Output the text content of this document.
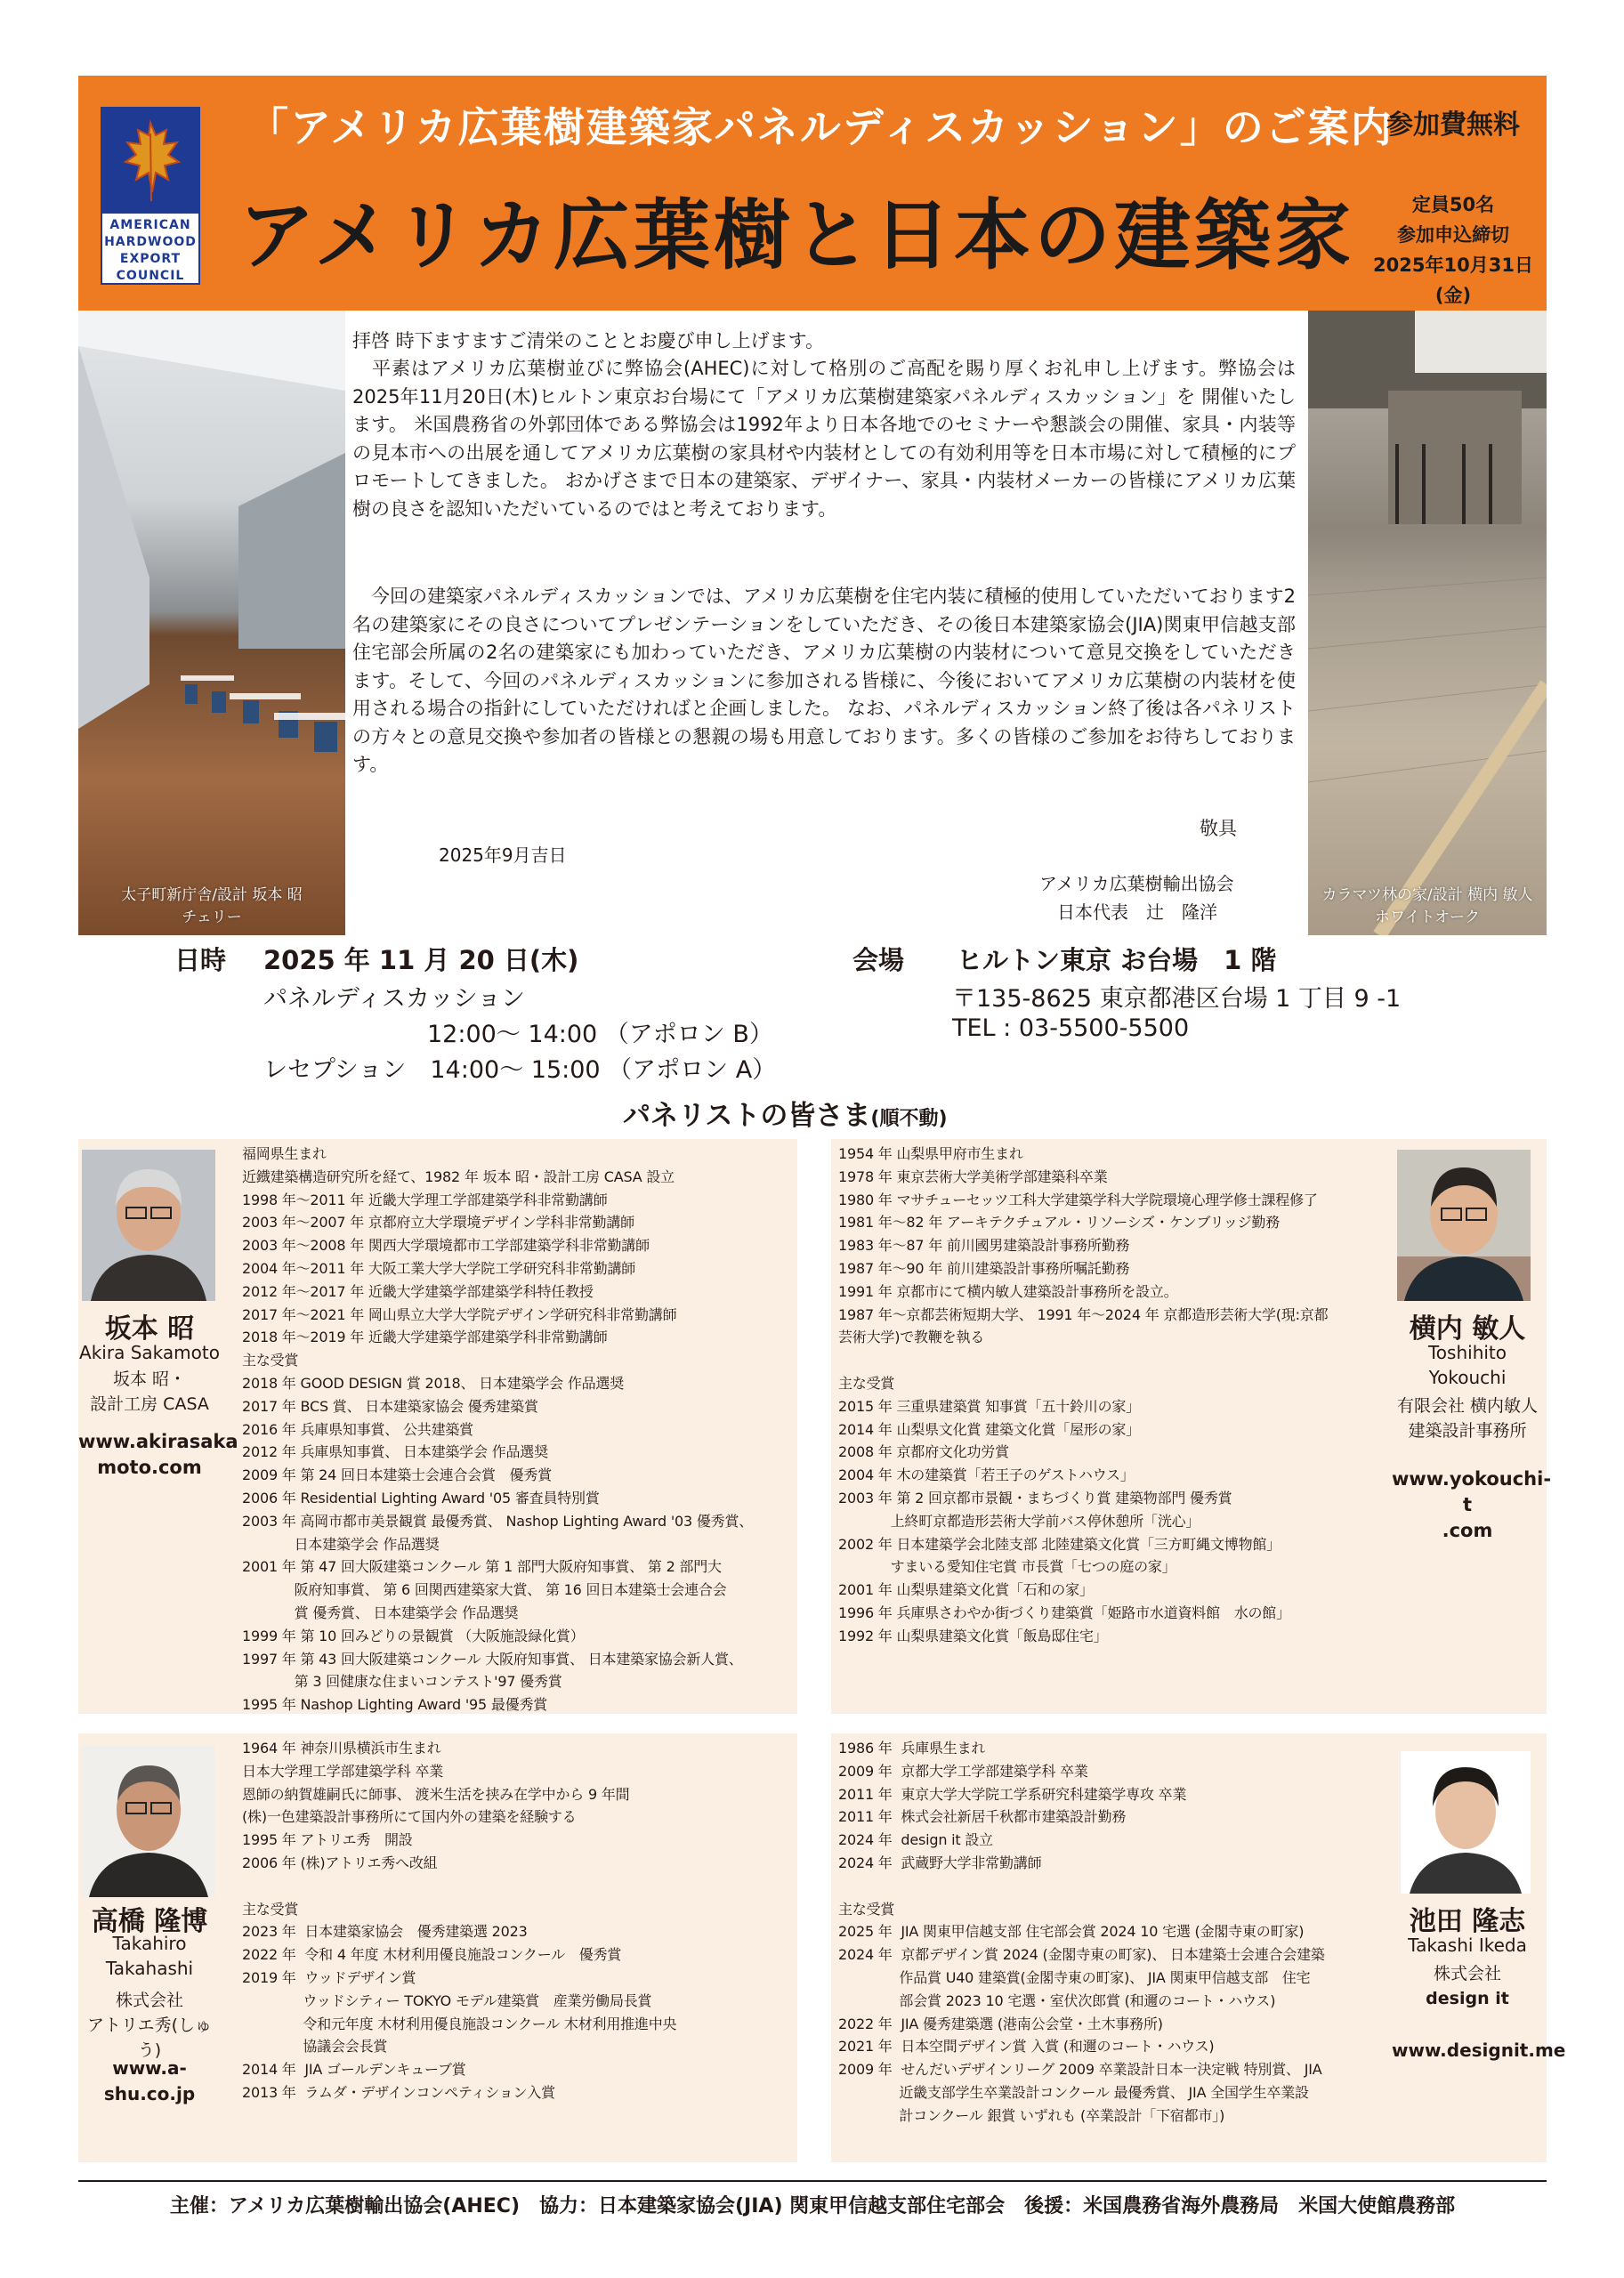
AMERICAN
HARDWOOD
EXPORT
COUNCIL
「アメリカ広葉樹建築家パネルディスカッション」のご案内
アメリカ広葉樹と日本の建築家
参加費無料
定員50名
参加申込締切
2025年10月31日(金)
太子町新庁舎/設計 坂本 昭
チェリー
カラマツ林の家/設計 横内 敏人
ホワイトオーク
拝啓 時下ますますご清栄のこととお慶び申し上げます。

　平素はアメリカ広葉樹並びに弊協会(AHEC)に対して格別のご高配を賜り厚くお礼申し上げます。弊協会は2025年11月20日(木)ヒルトン東京お台場にて「アメリカ広葉樹建築家パネルディスカッション」を 開催いたします。 米国農務省の外郭団体である弊協会は1992年より日本各地でのセミナーや懇談会の開催、家具・内装等の見本市への出展を通してアメリカ広葉樹の家具材や内装材としての有効利用等を日本市場に対して積極的にプロモートしてきました。 おかげさまで日本の建築家、デザイナー、家具・内装材メーカーの皆様にアメリカ広葉樹の良さを認知いただいているのではと考えております。

　今回の建築家パネルディスカッションでは、アメリカ広葉樹を住宅内装に積極的使用していただいております2名の建築家にその良さについてプレゼンテーションをしていただき、その後日本建築家協会(JIA)関東甲信越支部住宅部会所属の2名の建築家にも加わっていただき、アメリカ広葉樹の内装材について意見交換をしていただきます。そして、今回のパネルディスカッションに参加される皆様に、今後においてアメリカ広葉樹の内装材を使用される場合の指針にしていただければと企画しました。 なお、パネルディスカッション終了後は各パネリストの方々との意見交換や参加者の皆様との懇親の場も用意しております。多くの皆様のご参加をお待ちしております。

敬具
2025年9月吉日
アメリカ広葉樹輸出協会
日本代表　辻　隆洋
日時 2025 年 11 月 20 日(木)
パネルディスカッション
12:00～ 14:00 （アポロン B）
レセプション　14:00～ 15:00 （アポロン A）
会場 ヒルトン東京 お台場　1 階
〒135-8625 東京都港区台場 1 丁目 9 -1
TEL : 03-5500-5500
パネリストの皆さま(順不動)
坂本 昭
Akira Sakamoto
坂本 昭・
設計工房 CASA
www.akirasaka
moto.com
福岡県生まれ
近鐡建築構造研究所を経て、1982 年 坂本 昭・設計工房 CASA 設立
1998 年～2011 年 近畿大学理工学部建築学科非常勤講師
2003 年～2007 年 京都府立大学環境デザイン学科非常勤講師
2003 年～2008 年 関西大学環境都市工学部建築学科非常勤講師
2004 年～2011 年 大阪工業大学大学院工学研究科非常勤講師
2012 年～2017 年 近畿大学建築学部建築学科特任教授
2017 年～2021 年 岡山県立大学大学院デザイン学研究科非常勤講師
2018 年～2019 年 近畿大学建築学部建築学科非常勤講師
主な受賞
2018 年 GOOD DESIGN 賞 2018、 日本建築学会 作品選奨
2017 年 BCS 賞、 日本建築家協会 優秀建築賞
2016 年 兵庫県知事賞、 公共建築賞
2012 年 兵庫県知事賞、 日本建築学会 作品選奨
2009 年 第 24 回日本建築士会連合会賞　優秀賞
2006 年 Residential Lighting Award '05 審査員特別賞
2003 年 高岡市都市美景観賞 最優秀賞、 Nashop Lighting Award '03 優秀賞、
日本建築学会 作品選奨
2001 年 第 47 回大阪建築コンクール 第 1 部門大阪府知事賞、 第 2 部門大
阪府知事賞、 第 6 回関西建築家大賞、 第 16 回日本建築士会連合会
賞 優秀賞、 日本建築学会 作品選奨
1999 年 第 10 回みどりの景観賞 （大阪施設緑化賞）
1997 年 第 43 回大阪建築コンクール 大阪府知事賞、 日本建築家協会新人賞、
第 3 回健康な住まいコンテスト'97 優秀賞
1995 年 Nashop Lighting Award '95 最優秀賞
1954 年 山梨県甲府市生まれ
1978 年 東京芸術大学美術学部建築科卒業
1980 年 マサチューセッツ工科大学建築学科大学院環境心理学修士課程修了
1981 年～82 年 アーキテクチュアル・リソーシズ・ケンブリッジ勤務
1983 年～87 年 前川國男建築設計事務所勤務
1987 年～90 年 前川建築設計事務所嘱託勤務
1991 年 京都市にて横内敏人建築設計事務所を設立。
1987 年～京都芸術短期大学、 1991 年～2024 年 京都造形芸術大学(現:京都
芸術大学)で教鞭を執る

主な受賞
2015 年 三重県建築賞 知事賞「五十鈴川の家」
2014 年 山梨県文化賞 建築文化賞「屋形の家」
2008 年 京都府文化功労賞
2004 年 木の建築賞「若王子のゲストハウス」
2003 年 第 2 回京都市景観・まちづくり賞 建築物部門 優秀賞
上終町京都造形芸術大学前バス停休憩所「洸心」
2002 年 日本建築学会北陸支部 北陸建築文化賞「三方町縄文博物館」
すまいる愛知住宅賞 市長賞「七つの庭の家」
2001 年 山梨県建築文化賞「石和の家」
1996 年 兵庫県さわやか街づくり建築賞「姫路市水道資料館　水の館」
1992 年 山梨県建築文化賞「飯島邸住宅」
横内 敏人
Toshihito Yokouchi
有限会社 横内敏人
建築設計事務所
www.yokouchi-t
.com
高橋 隆博
Takahiro Takahashi
株式会社
アトリエ秀(しゅう)
www.a-shu.co.jp
1964 年 神奈川県横浜市生まれ
日本大学理工学部建築学科 卒業
恩師の納賀雄嗣氏に師事、 渡米生活を挟み在学中から 9 年間
(株)一色建築設計事務所にて国内外の建築を経験する
1995 年 アトリエ秀　開設
2006 年 (株)アトリエ秀へ改組

主な受賞
2023 年  日本建築家協会　優秀建築選 2023
2022 年  令和 4 年度 木材利用優良施設コンクール　優秀賞
2019 年  ウッドデザイン賞
ウッドシティー TOKYO モデル建築賞　産業労働局長賞
令和元年度 木材利用優良施設コンクール 木材利用推進中央
協議会会長賞
2014 年  JIA ゴールデンキューブ賞
2013 年  ラムダ・デザインコンペティション入賞
1986 年  兵庫県生まれ
2009 年  京都大学工学部建築学科 卒業
2011 年  東京大学大学院工学系研究科建築学専攻 卒業
2011 年  株式会社新居千秋都市建築設計勤務
2024 年  design it 設立
2024 年  武蔵野大学非常勤講師

主な受賞
2025 年  JIA 関東甲信越支部 住宅部会賞 2024 10 宅選 (金閣寺東の町家)
2024 年  京都デザイン賞 2024 (金閣寺東の町家)、 日本建築士会連合会建築
作品賞 U40 建築賞(金閣寺東の町家)、 JIA 関東甲信越支部　住宅
部会賞 2023 10 宅選・室伏次郎賞 (和邇のコート・ハウス)
2022 年  JIA 優秀建築選 (港南公会堂・土木事務所)
2021 年  日本空間デザイン賞 入賞 (和邇のコート・ハウス)
2009 年  せんだいデザインリーグ 2009 卒業設計日本一決定戦 特別賞、 JIA
近畿支部学生卒業設計コンクール 最優秀賞、 JIA 全国学生卒業設
計コンクール 銀賞 いずれも (卒業設計「下宿都市」)
池田 隆志
Takashi Ikeda
株式会社
design it
www.designit.me
主催：アメリカ広葉樹輸出協会(AHEC)　協力：日本建築家協会(JIA) 関東甲信越支部住宅部会　後援：米国農務省海外農務局　米国大使館農務部
